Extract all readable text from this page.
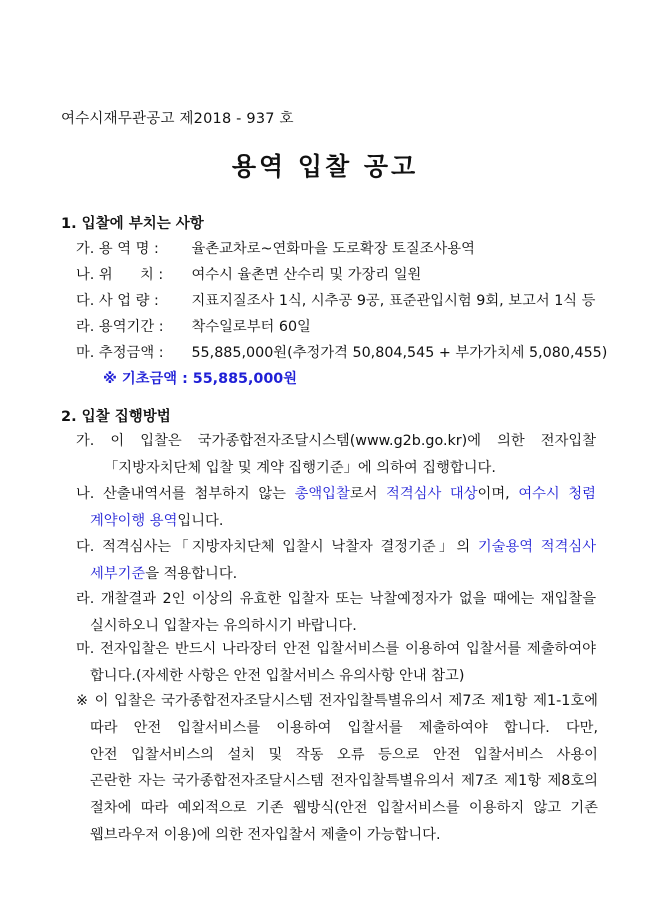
여수시재무관공고 제2018 - 937 호
용역 입찰 공고
1. 입찰에 부치는 사항
가. 용 역 명 : 율촌교차로~연화마을 도로확장 토질조사용역
나. 위      치 : 여수시 율촌면 산수리 및 가장리 일원
다. 사 업 량 : 지표지질조사 1식, 시추공 9공, 표준관입시험 9회, 보고서 1식 등
라. 용역기간 : 착수일로부터 60일
마. 추정금액 : 55,885,000원(추정가격 50,804,545 + 부가가치세 5,080,455)
※ 기초금액 : 55,885,000원
2. 입찰 집행방법
가. 이 입찰은 국가종합전자조달시스템(www.g2b.go.kr)에 의한 전자입찰
「지방자치단체 입찰 및 계약 집행기준」에 의하여 집행합니다.
나. 산출내역서를 첨부하지 않는 총액입찰로서 적격심사 대상이며, 여수시 청렴
계약이행 용역입니다.
다. 적격심사는「지방자치단체 입찰시 낙찰자 결정기준」의 기술용역 적격심사
세부기준을 적용합니다.
라. 개찰결과 2인 이상의 유효한 입찰자 또는 낙찰예정자가 없을 때에는 재입찰을
실시하오니 입찰자는 유의하시기 바랍니다.
마. 전자입찰은 반드시 나라장터 안전 입찰서비스를 이용하여 입찰서를 제출하여야
합니다.(자세한 사항은 안전 입찰서비스 유의사항 안내 참고)
※ 이 입찰은 국가종합전자조달시스템 전자입찰특별유의서 제7조 제1항 제1-1호에
따라 안전 입찰서비스를 이용하여 입찰서를 제출하여야 합니다. 다만,
안전 입찰서비스의 설치 및 작동 오류 등으로 안전 입찰서비스 사용이
곤란한 자는 국가종합전자조달시스템 전자입찰특별유의서 제7조 제1항 제8호의
절차에 따라 예외적으로 기존 웹방식(안전 입찰서비스를 이용하지 않고 기존
웹브라우저 이용)에 의한 전자입찰서 제출이 가능합니다.
